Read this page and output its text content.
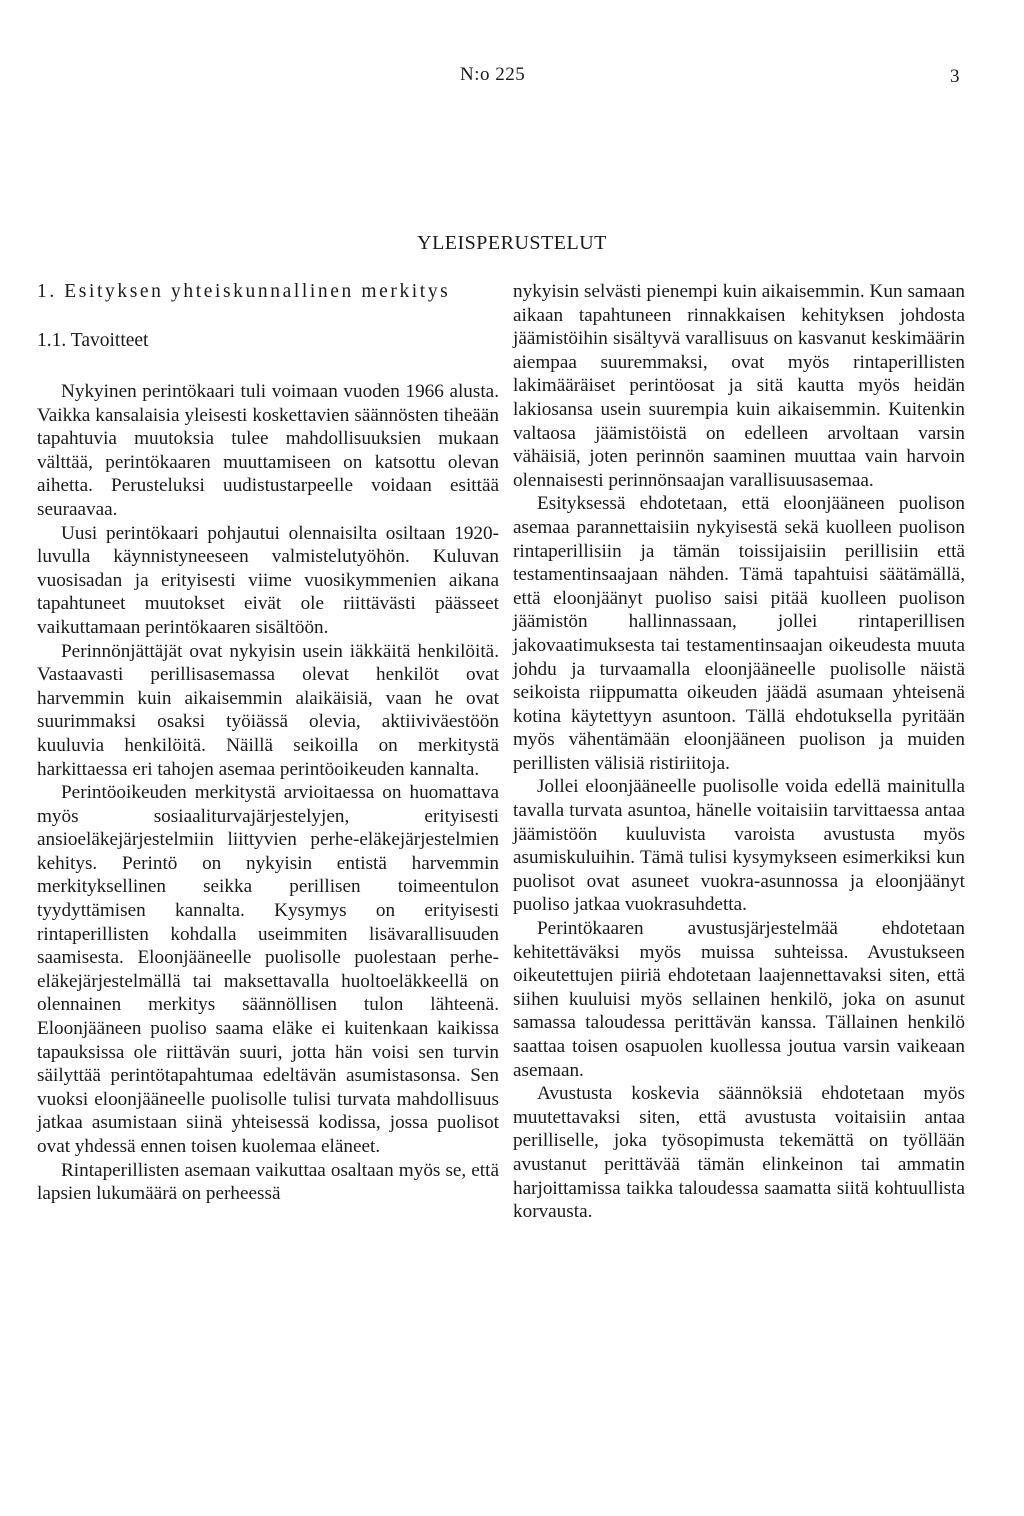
N:o 225	3
YLEISPERUSTELUT
1. Esityksen yhteiskunnallinen merkitys
1.1. Tavoitteet

Nykyinen perintökaari tuli voimaan vuoden 1966 alusta. Vaikka kansalaisia yleisesti koskettavien säännösten tiheään tapahtuvia muutoksia tulee mahdollisuuksien mukaan välttää, perintökaaren muuttamiseen on katsottu olevan aihetta. Perusteluksi uudistustarpeelle voidaan esittää seuraavaa.

Uusi perintökaari pohjautui olennaisilta osiltaan 1920-luvulla käynnistyneeseen valmistelutyöhön. Kuluvan vuosisadan ja erityisesti viime vuosikymmenien aikana tapahtuneet muutokset eivät ole riittävästi päässeet vaikuttamaan perintökaaren sisältöön.

Perinnönjättäjät ovat nykyisin usein iäkkäitä henkilöitä. Vastaavasti perillisasemassa olevat henkilöt ovat harvemmin kuin aikaisemmin alaikäisiä, vaan he ovat suurimmaksi osaksi työiässä olevia, aktiiviväestöön kuuluvia henkilöitä. Näillä seikoilla on merkitystä harkittaessa eri tahojen asemaa perintöoikeuden kannalta.

Perintöoikeuden merkitystä arvioitaessa on huomattava myös sosiaaliturvajärjestelyjen, erityisesti ansioeläkejärjestelmiin liittyvien perhe-eläkejärjestelmien kehitys. Perintö on nykyisin entistä harvemmin merkityksellinen seikka perillisen toimeentulon tyydyttämisen kannalta. Kysymys on erityisesti rintaperillisten kohdalla useimmiten lisävarallisuuden saamisesta. Eloonjääneelle puolisolle puolestaan perhe-eläkejärjestelmällä tai maksettavalla huoltoeläkkeellä on olennainen merkitys säännöllisen tulon lähteenä. Eloonjääneen puoliso saama eläke ei kuitenkaan kaikissa tapauksissa ole riittävän suuri, jotta hän voisi sen turvin säilyttää perintötapahtumaa edeltävän asumistasonsa. Sen vuoksi eloonjääneelle puolisolle tulisi turvata mahdollisuus jatkaa asumistaan siinä yhteisessä kodissa, jossa puolisot ovat yhdessä ennen toisen kuolemaa eläneet.

Rintaperillisten asemaan vaikuttaa osaltaan myös se, että lapsien lukumäärä on perheessä

nykyisin selvästi pienempi kuin aikaisemmin. Kun samaan aikaan tapahtuneen rinnakkaisen kehityksen johdosta jäämistöihin sisältyvä varallisuus on kasvanut keskimäärin aiempaa suuremmaksi, ovat myös rintaperillisten lakimääräiset perintöosat ja sitä kautta myös heidän lakiosansa usein suurempia kuin aikaisemmin. Kuitenkin valtaosa jäämistöistä on edelleen arvoltaan varsin vähäisiä, joten perinnön saaminen muuttaa vain harvoin olennaisesti perinnönsaajan varallisuusasemaa.

Esityksessä ehdotetaan, että eloonjääneen puolison asemaa parannettaisiin nykyisestä sekä kuolleen puolison rintaperillisiin ja tämän toissijaisiin perillisiin että testamentinsaajaan nähden. Tämä tapahtuisi säätämällä, että eloonjäänyt puoliso saisi pitää kuolleen puolison jäämistön hallinnassaan, jollei rintaperillisen jakovaatimuksesta tai testamentinsaajan oikeudesta muuta johdu ja turvaamalla eloonjääneelle puolisolle näistä seikoista riippumatta oikeuden jäädä asumaan yhteisenä kotina käytettyyn asuntoon. Tällä ehdotuksella pyritään myös vähentämään eloonjääneen puolison ja muiden perillisten välisiä ristiriitoja.

Jollei eloonjääneelle puolisolle voida edellä mainitulla tavalla turvata asuntoa, hänelle voitaisiin tarvittaessa antaa jäämistöön kuuluvista varoista avustusta myös asumiskuluihin. Tämä tulisi kysymykseen esimerkiksi kun puolisot ovat asuneet vuokra-asunnossa ja eloonjäänyt puoliso jatkaa vuokrasuhdetta.

Perintökaaren avustusjärjestelmää ehdotetaan kehitettäväksi myös muissa suhteissa. Avustukseen oikeutettujen piiriä ehdotetaan laajennettavaksi siten, että siihen kuuluisi myös sellainen henkilö, joka on asunut samassa taloudessa perittävän kanssa. Tällainen henkilö saattaa toisen osapuolen kuollessa joutua varsin vaikeaan asemaan.

Avustusta koskevia säännöksiä ehdotetaan myös muutettavaksi siten, että avustusta voitaisiin antaa perilliselle, joka työsopimusta tekemättä on työllään avustanut perittävää tämän elinkeinon tai ammatin harjoittamissa taikka taloudessa saamatta siitä kohtuullista korvausta.
